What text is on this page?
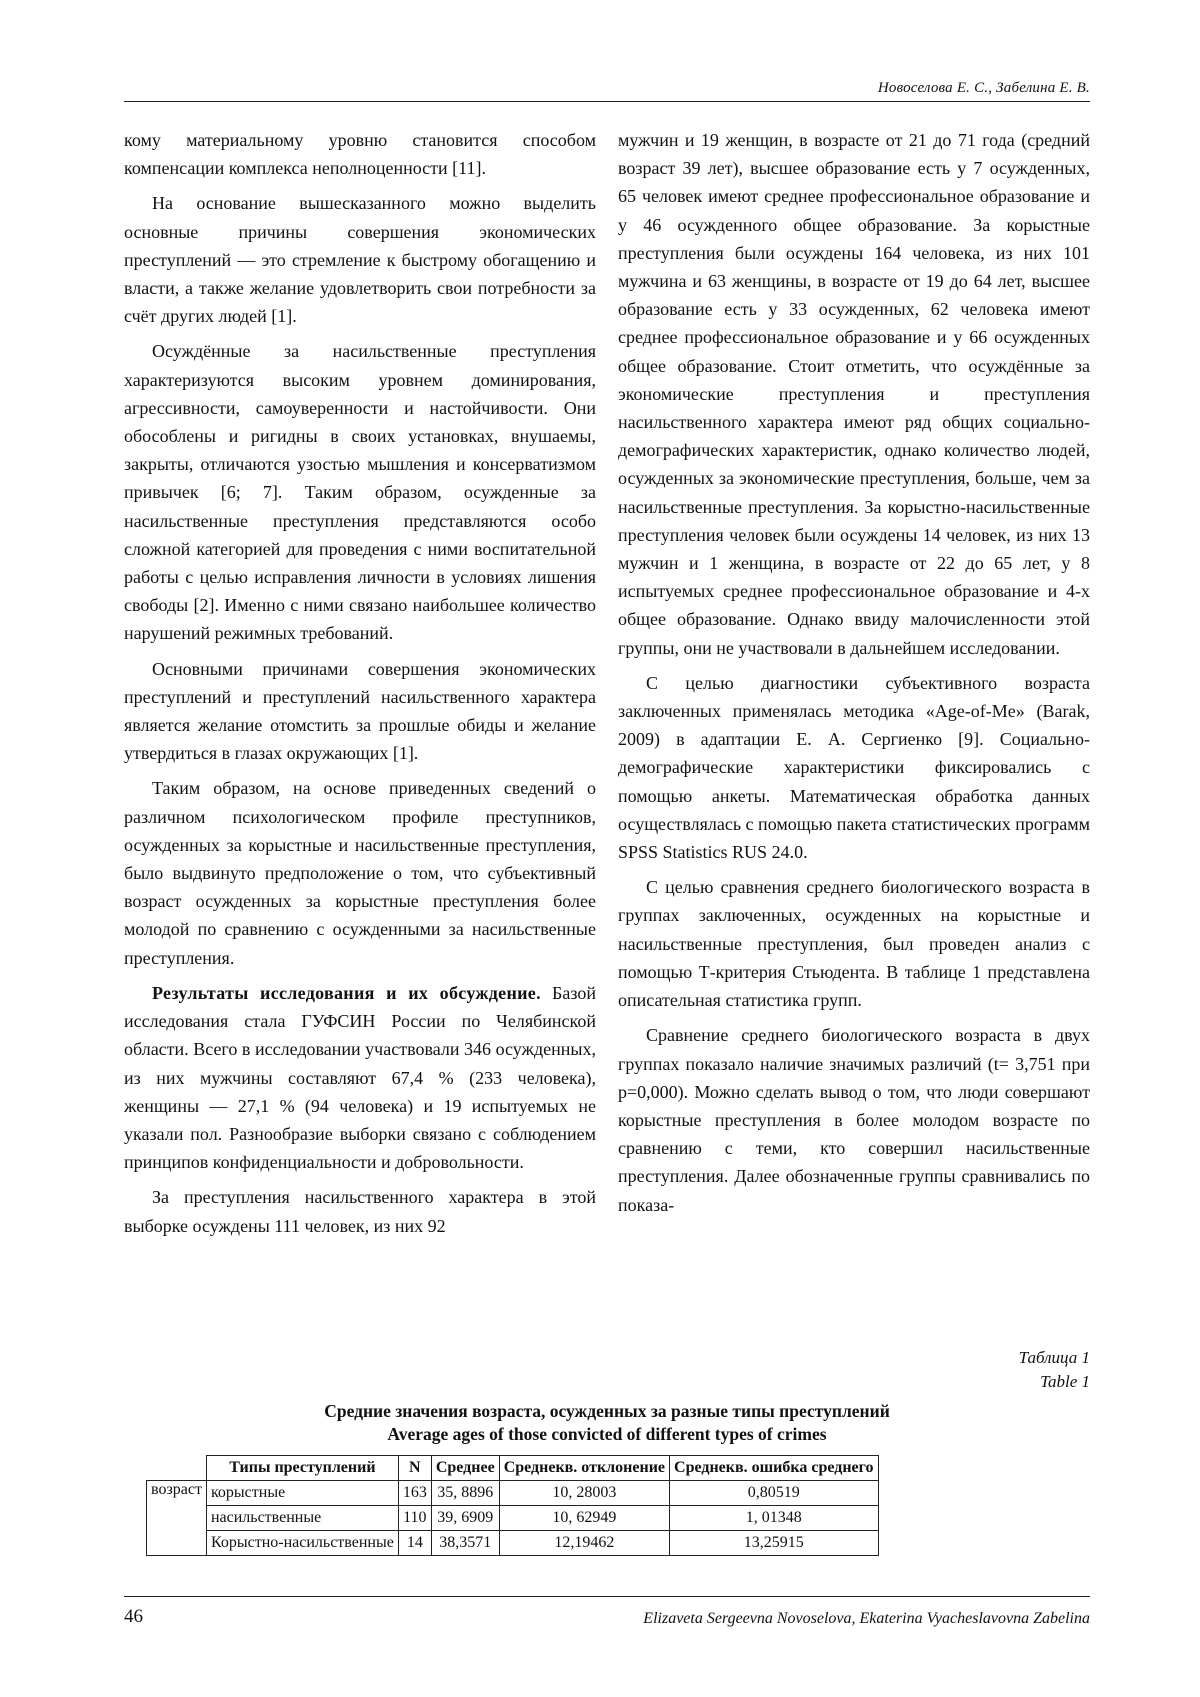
Новоселова Е. С., Забелина Е. В.

кому материальному уровню становится способом компенсации комплекса неполноценности [11].

На основание вышесказанного можно выделить основные причины совершения экономических преступлений — это стремление к быстрому обогащению и власти, а также желание удовлетворить свои потребности за счёт других людей [1].

Осуждённые за насильственные преступления характеризуются высоким уровнем доминирования, агрессивности, самоуверенности и настойчивости. Они обособлены и ригидны в своих установках, внушаемы, закрыты, отличаются узостью мышления и консерватизмом привычек [6; 7]. Таким образом, осужденные за насильственные преступления представляются особо сложной категорией для проведения с ними воспитательной работы с целью исправления личности в условиях лишения свободы [2]. Именно с ними связано наибольшее количество нарушений режимных требований.

Основными причинами совершения экономических преступлений и преступлений насильственного характера является желание отомстить за прошлые обиды и желание утвердиться в глазах окружающих [1].

Таким образом, на основе приведенных сведений о различном психологическом профиле преступников, осужденных за корыстные и насильственные преступления, было выдвинуто предположение о том, что субъективный возраст осужденных за корыстные преступления более молодой по сравнению с осужденными за насильственные преступления.

Результаты исследования и их обсуждение. Базой исследования стала ГУФСИН России по Челябинской области. Всего в исследовании участвовали 346 осужденных, из них мужчины составляют 67,4 % (233 человека), женщины — 27,1 % (94 человека) и 19 испытуемых не указали пол. Разнообразие выборки связано с соблюдением принципов конфиденциальности и добровольности.

За преступления насильственного характера в этой выборке осуждены 111 человек, из них 92

мужчин и 19 женщин, в возрасте от 21 до 71 года (средний возраст 39 лет), высшее образование есть у 7 осужденных, 65 человек имеют среднее профессиональное образование и у 46 осужденного общее образование. За корыстные преступления были осуждены 164 человека, из них 101 мужчина и 63 женщины, в возрасте от 19 до 64 лет, высшее образование есть у 33 осужденных, 62 человека имеют среднее профессиональное образование и у 66 осужденных общее образование. Стоит отметить, что осуждённые за экономические преступления и преступления насильственного характера имеют ряд общих социально-демографических характеристик, однако количество людей, осужденных за экономические преступления, больше, чем за насильственные преступления. За корыстно-насильственные преступления человек были осуждены 14 человек, из них 13 мужчин и 1 женщина, в возрасте от 22 до 65 лет, у 8 испытуемых среднее профессиональное образование и 4-х общее образование. Однако ввиду малочисленности этой группы, они не участвовали в дальнейшем исследовании.

С целью диагностики субъективного возраста заключенных применялась методика «Age-of-Me» (Barak, 2009) в адаптации Е. А. Сергиенко [9]. Социально-демографические характеристики фиксировались с помощью анкеты. Математическая обработка данных осуществлялась с помощью пакета статистических программ SPSS Statistics RUS 24.0.

С целью сравнения среднего биологического возраста в группах заключенных, осужденных на корыстные и насильственные преступления, был проведен анализ с помощью Т-критерия Стьюдента. В таблице 1 представлена описательная статистика групп.

Сравнение среднего биологического возраста в двух группах показало наличие значимых различий (t= 3,751 при p=0,000). Можно сделать вывод о том, что люди совершают корыстные преступления в более молодом возрасте по сравнению с теми, кто совершил насильственные преступления. Далее обозначенные группы сравнивались по показа-

Таблица 1
Table 1
Средние значения возраста, осужденных за разные типы преступлений
Average ages of those convicted of different types of crimes
	Типы преступлений	N	Среднее	Среднекв. отклонение	Среднекв. ошибка среднего
возраст	корыстные	163	35, 8896	10, 28003	0,80519
	насильственные	110	39, 6909	10, 62949	1, 01348
	Корыстно-насильственные	14	38,3571	12,19462	13,25915
46	Elizaveta Sergeevna Novoselova, Ekaterina Vyacheslavovna Zabelina
